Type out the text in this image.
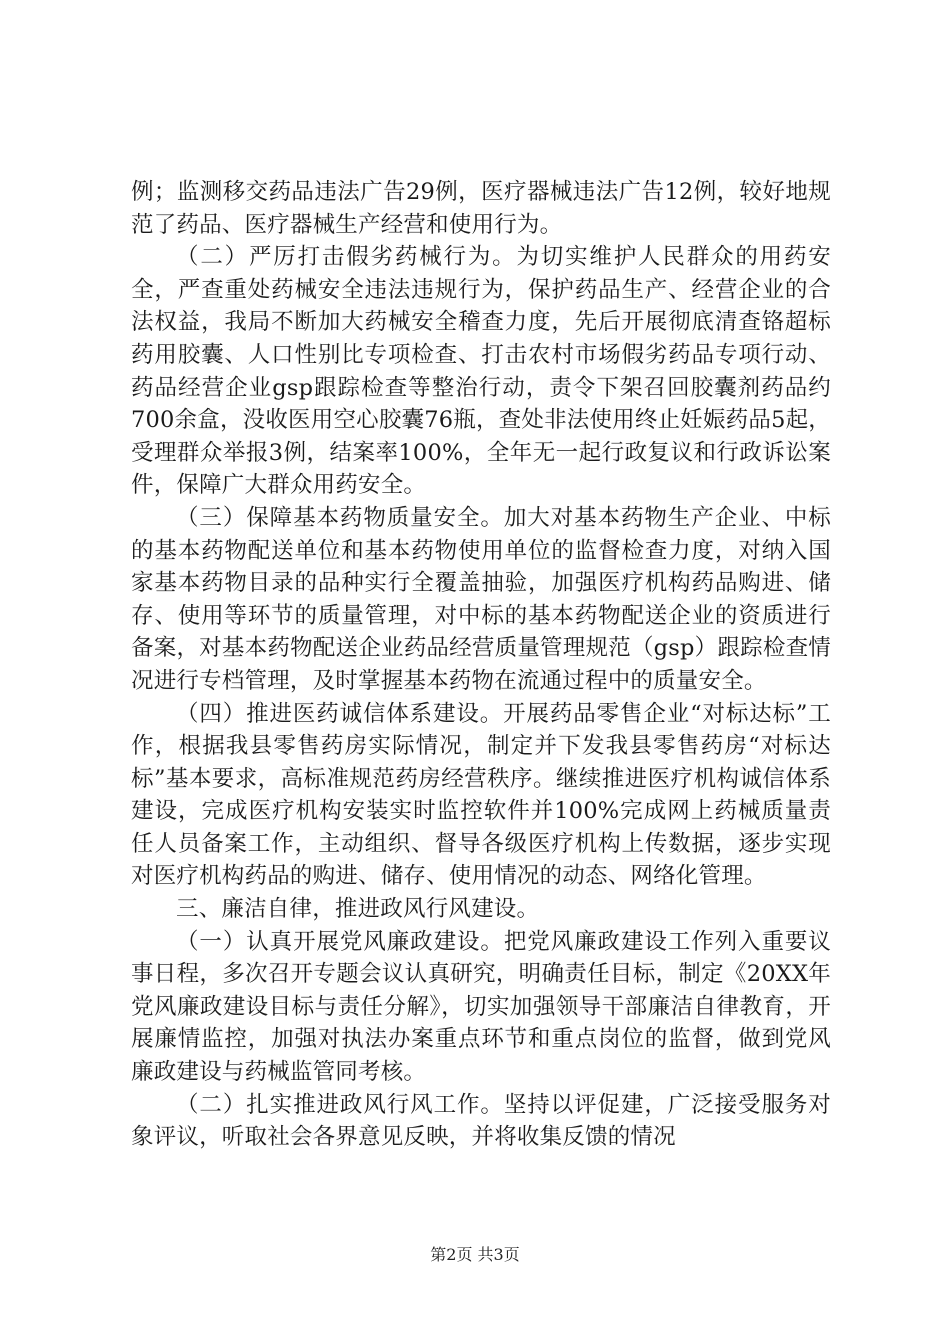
例；监测移交药品违法广告29例，医疗器械违法广告12例，较好地规范了药品、医疗器械生产经营和使用行为。

（二）严厉打击假劣药械行为。为切实维护人民群众的用药安全，严查重处药械安全违法违规行为，保护药品生产、经营企业的合法权益，我局不断加大药械安全稽查力度，先后开展彻底清查铬超标药用胶囊、人口性别比专项检查、打击农村市场假劣药品专项行动、药品经营企业gsp跟踪检查等整治行动，责令下架召回胶囊剂药品约700余盒，没收医用空心胶囊76瓶，查处非法使用终止妊娠药品5起，受理群众举报3例，结案率100%，全年无一起行政复议和行政诉讼案件，保障广大群众用药安全。

（三）保障基本药物质量安全。加大对基本药物生产企业、中标的基本药物配送单位和基本药物使用单位的监督检查力度，对纳入国家基本药物目录的品种实行全覆盖抽验，加强医疗机构药品购进、储存、使用等环节的质量管理，对中标的基本药物配送企业的资质进行备案，对基本药物配送企业药品经营质量管理规范（gsp）跟踪检查情况进行专档管理，及时掌握基本药物在流通过程中的质量安全。

（四）推进医药诚信体系建设。开展药品零售企业“对标达标”工作，根据我县零售药房实际情况，制定并下发我县零售药房“对标达标”基本要求，高标准规范药房经营秩序。继续推进医疗机构诚信体系建设，完成医疗机构安装实时监控软件并100%完成网上药械质量责任人员备案工作，主动组织、督导各级医疗机构上传数据，逐步实现对医疗机构药品的购进、储存、使用情况的动态、网络化管理。

三、廉洁自律，推进政风行风建设。

（一）认真开展党风廉政建设。把党风廉政建设工作列入重要议事日程，多次召开专题会议认真研究，明确责任目标，制定《20XX年党风廉政建设目标与责任分解》，切实加强领导干部廉洁自律教育，开展廉情监控，加强对执法办案重点环节和重点岗位的监督，做到党风廉政建设与药械监管同考核。

（二）扎实推进政风行风工作。坚持以评促建，广泛接受服务对象评议，听取社会各界意见反映，并将收集反馈的情况

第2页 共3页
